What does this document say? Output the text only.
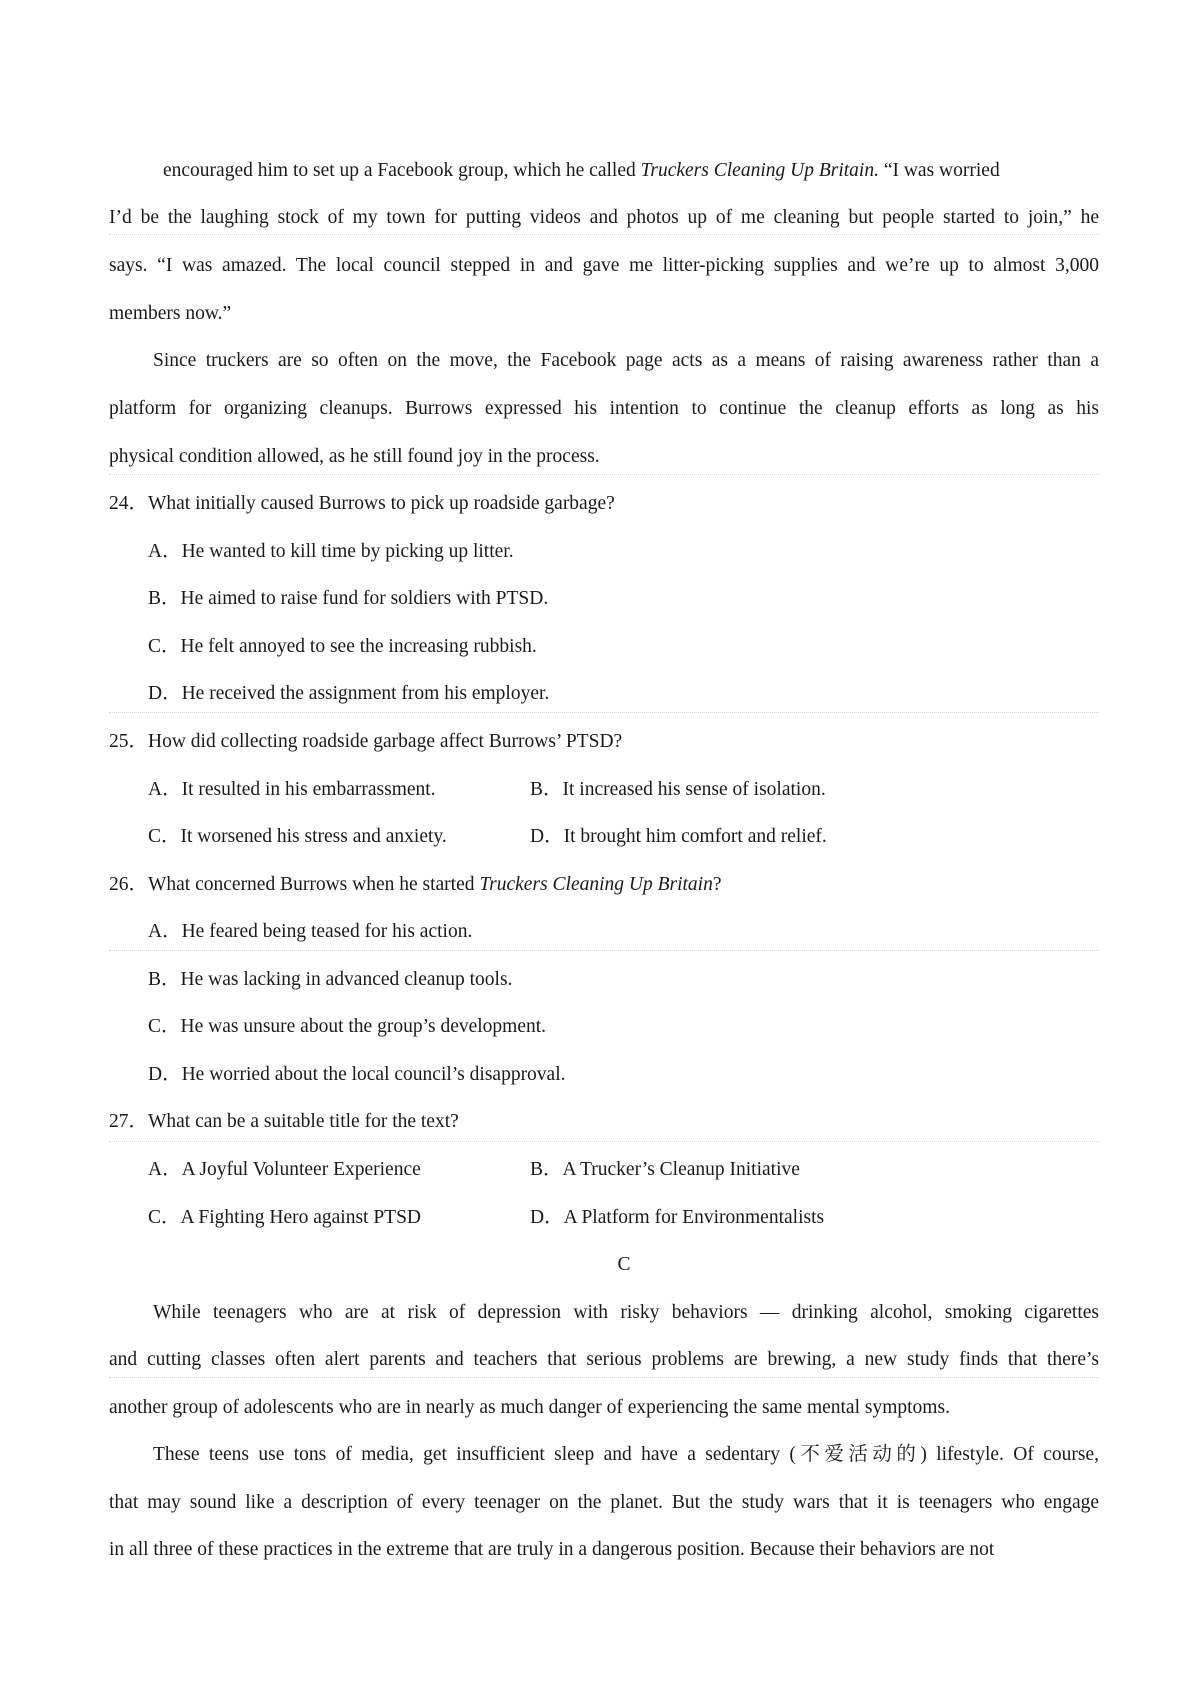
encouraged him to set up a Facebook group, which he called Truckers Cleaning Up Britain. “I was worried
I’d be the laughing stock of my town for putting videos and photos up of me cleaning but people started to join,” he
says. “I was amazed. The local council stepped in and gave me litter-picking supplies and we’re up to almost 3,000
members now.”
Since truckers are so often on the move, the Facebook page acts as a means of raising awareness rather than a
platform for organizing cleanups. Burrows expressed his intention to continue the cleanup efforts as long as his
physical condition allowed, as he still found joy in the process.
24．What initially caused Burrows to pick up roadside garbage?
A．He wanted to kill time by picking up litter.
B．He aimed to raise fund for soldiers with PTSD.
C．He felt annoyed to see the increasing rubbish.
D．He received the assignment from his employer.
25．How did collecting roadside garbage affect Burrows’ PTSD?
A．It resulted in his embarrassment.	B．It increased his sense of isolation.
C．It worsened his stress and anxiety.	D．It brought him comfort and relief.
26．What concerned Burrows when he started Truckers Cleaning Up Britain?
A．He feared being teased for his action.
B．He was lacking in advanced cleanup tools.
C．He was unsure about the group’s development.
D．He worried about the local council’s disapproval.
27．What can be a suitable title for the text?
A．A Joyful Volunteer Experience	B．A Trucker’s Cleanup Initiative
C．A Fighting Hero against PTSD	D．A Platform for Environmentalists
C
While teenagers who are at risk of depression with risky behaviors — drinking alcohol, smoking cigarettes
and cutting classes often alert parents and teachers that serious problems are brewing, a new study finds that there’s
another group of adolescents who are in nearly as much danger of experiencing the same mental symptoms.
These teens use tons of media, get insufficient sleep and have a sedentary (不爱活动的) lifestyle. Of course,
that may sound like a description of every teenager on the planet. But the study wars that it is teenagers who engage
in all three of these practices in the extreme that are truly in a dangerous position. Because their behaviors are not
